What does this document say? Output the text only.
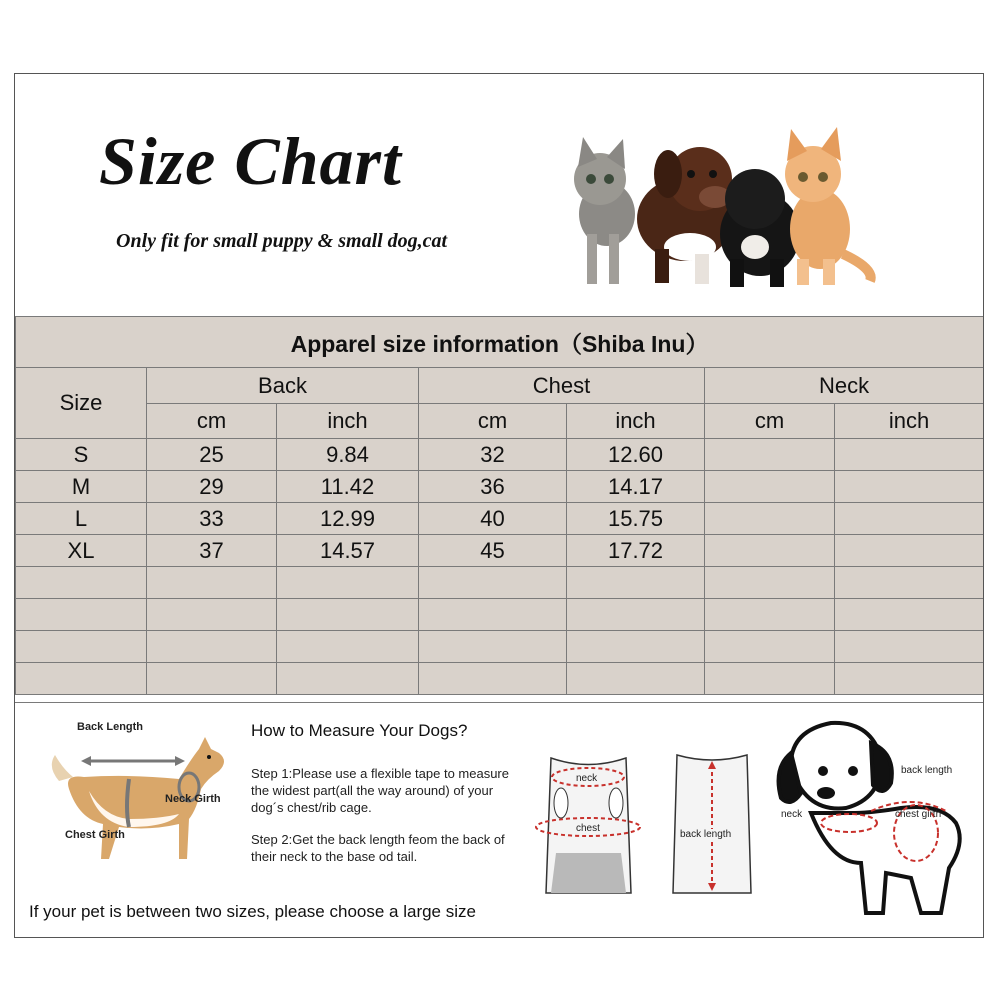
Size Chart
Only fit for small puppy & small dog,cat
Apparel size information（Shiba Inu）						
Size	Back		Chest		Neck	
	cm	inch	cm	inch	cm	inch
S	25	9.84	32	12.60		
M	29	11.42	36	14.17		
L	33	12.99	40	15.75		
XL	37	14.57	45	17.72		

Back Length
Neck Girth
Chest Girth
How to Measure Your Dogs?
Step 1:Please use a flexible tape to measure the widest part(all the way around) of your dog´s chest/rib cage.
Step 2:Get the back length feom the back of their neck to the base od tail.
neck
chest
back length
back length
neck	chest girth
If your pet is between two sizes, please choose a large size
